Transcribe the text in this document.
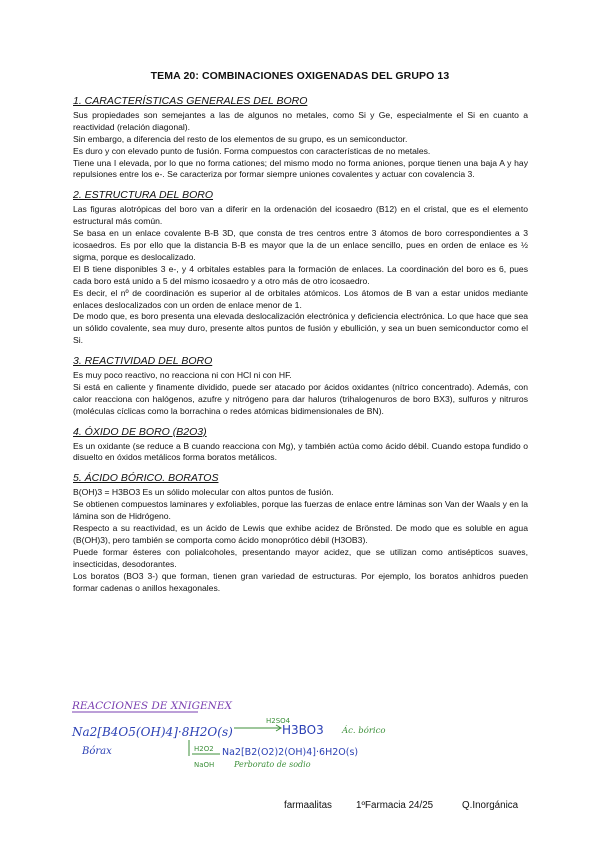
TEMA 20: COMBINACIONES OXIGENADAS DEL GRUPO 13
1. CARACTERÍSTICAS GENERALES DEL BORO

Sus propiedades son semejantes a las de algunos no metales, como Si y Ge, especialmente el Si en cuanto a reactividad (relación diagonal).

Sin embargo, a diferencia del resto de los elementos de su grupo, es un semiconductor.

Es duro y con elevado punto de fusión. Forma compuestos con características de no metales.

Tiene una I elevada, por lo que no forma cationes; del mismo modo no forma aniones, porque tienen una baja A y hay repulsiones entre los e-. Se caracteriza por formar siempre uniones covalentes y actuar con covalencia 3.

2. ESTRUCTURA DEL BORO

Las figuras alotrópicas del boro van a diferir en la ordenación del icosaedro (B12) en el cristal, que es el elemento estructural más común.

Se basa en un enlace covalente B-B 3D, que consta de tres centros entre 3 átomos de boro correspondientes a 3 icosaedros. Es por ello que la distancia B-B es mayor que la de un enlace sencillo, pues en orden de enlace es ½ sigma, porque es deslocalizado.

El B tiene disponibles 3 e-, y 4 orbitales estables para la formación de enlaces. La coordinación del boro es 6, pues cada boro está unido a 5 del mismo icosaedro y a otro más de otro icosaedro.

Es decir, el nº de coordinación es superior al de orbitales atómicos. Los átomos de B van a estar unidos mediante enlaces deslocalizados con un orden de enlace menor de 1.

De modo que, es boro presenta una elevada deslocalización electrónica y deficiencia electrónica. Lo que hace que sea un sólido covalente, sea muy duro, presente altos puntos de fusión y ebullición, y sea un buen semiconductor como el Si.

3. REACTIVIDAD DEL BORO

Es muy poco reactivo, no reacciona ni con HCl ni con HF.

Si está en caliente y finamente dividido, puede ser atacado por ácidos oxidantes (nítrico concentrado). Además, con calor reacciona con halógenos, azufre y nitrógeno para dar haluros (trihalogenuros de boro BX3), sulfuros y nitruros (moléculas cíclicas como la borrachina o redes atómicas bidimensionales de BN).

4. ÓXIDO DE BORO (B2O3)

Es un oxidante (se reduce a B cuando reacciona con Mg), y también actúa como ácido débil. Cuando estopa fundido o disuelto en óxidos metálicos forma boratos metálicos.

5. ÁCIDO BÓRICO. BORATOS

B(OH)3 = H3BO3 Es un sólido molecular con altos puntos de fusión.

Se obtienen compuestos laminares y exfoliables, porque las fuerzas de enlace entre láminas son Van der Waals y en la lámina son de Hidrógeno.

Respecto a su reactividad, es un ácido de Lewis que exhibe acidez de Brönsted. De modo que es soluble en agua (B(OH)3), pero también se comporta como ácido monoprótico débil (H3OB3).

Puede formar ésteres con polialcoholes, presentando mayor acidez, que se utilizan como antisépticos suaves, insecticidas, desodorantes.

Los boratos (BO3 3-) que forman, tienen gran variedad de estructuras. Por ejemplo, los boratos anhidros pueden formar cadenas o anillos hexagonales.

REACCIONES DE XNIGENEX
Na2[B4O5(OH)4]·8H2O(s)
H2SO4
H3BO3 Ác. bórico
Bórax	H2O2
NaOH
Na2[B2(O2)2(OH)4]·6H2O(s)
Perborato de sodio
farmaalitas 1ºFarmacia 24/25	Q.Inorgánica
